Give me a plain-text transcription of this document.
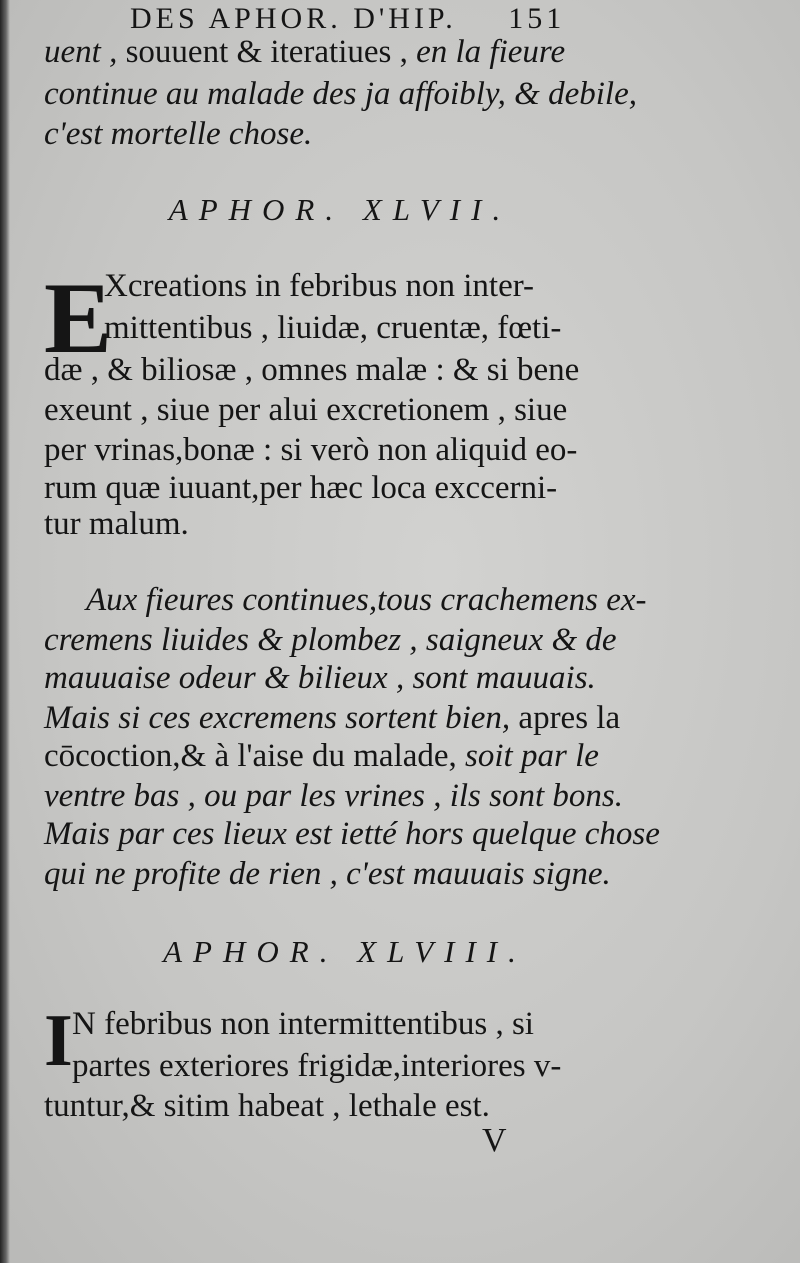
DES APHOR. D'HIP. 151
uent , souuent & iteratiues , en la fieure
continue au malade des ja affoibly, & debile,
c'est mortelle chose.
APHOR. XLVII.
E
Xcreations in febribus non inter-
mittentibus , liuidæ, cruentæ, fœti-
dæ , & biliosæ , omnes malæ : & si bene
exeunt , siue per alui excretionem , siue
per vrinas,bonæ : si verò non aliquid eo-
rum quæ iuuant,per hæc loca exccerni-
tur malum.
Aux fieures continues,tous crachemens ex-
cremens liuides & plombez , saigneux & de
mauuaise odeur & bilieux , sont mauuais.
Mais si ces excremens sortent bien, apres la
cōcoction,& à l'aise du malade, soit par le
ventre bas , ou par les vrines , ils sont bons.
Mais par ces lieux est ietté hors quelque chose
qui ne profite de rien , c'est mauuais signe.
APHOR. XLVIII.
I N febribus non intermittentibus , si
partes exteriores frigidæ,interiores v-
tuntur,& sitim habeat , lethale est.
V
